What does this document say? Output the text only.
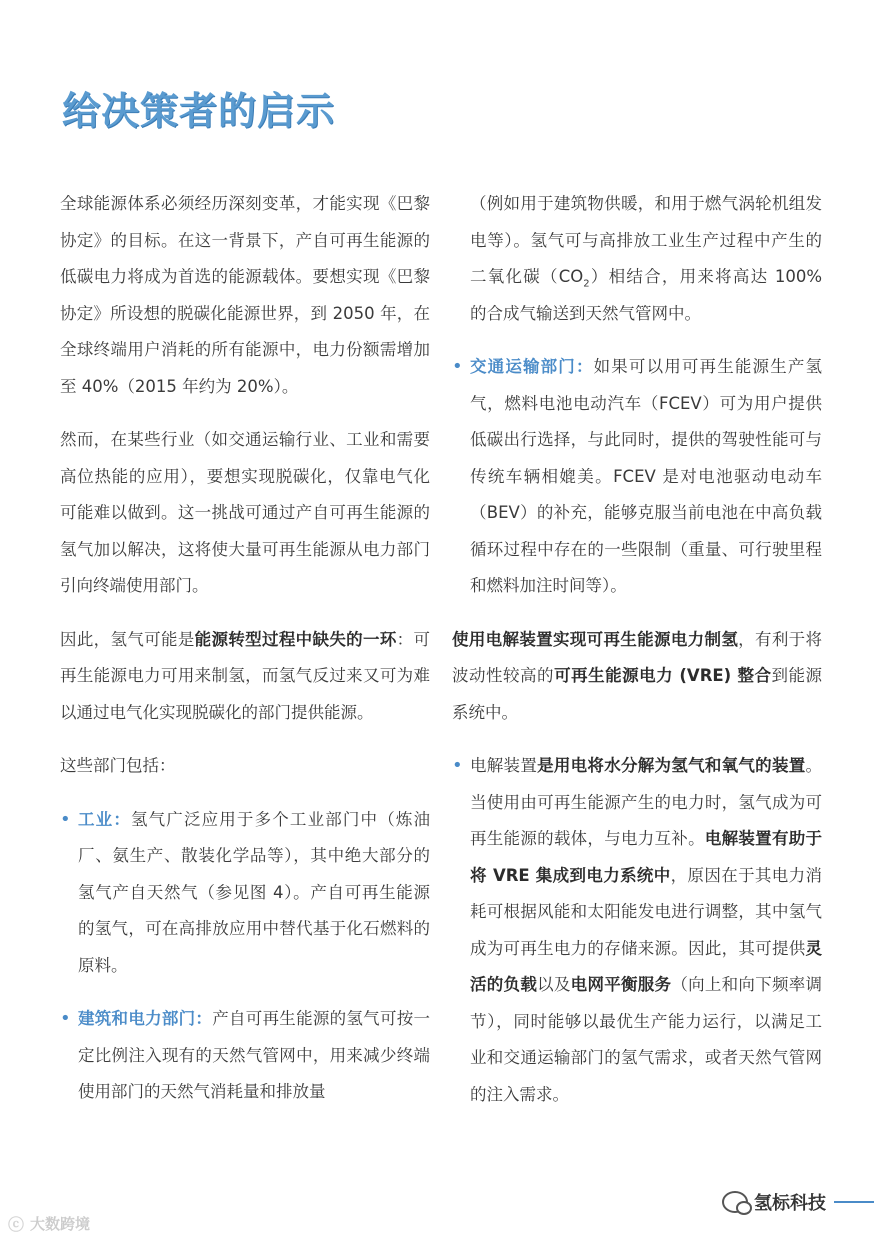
给决策者的启示

全球能源体系必须经历深刻变革，才能实现《巴黎协定》的目标。在这一背景下，产自可再生能源的低碳电力将成为首选的能源载体。要想实现《巴黎协定》所设想的脱碳化能源世界，到 2050 年，在全球终端用户消耗的所有能源中，电力份额需增加至 40%（2015 年约为 20%）。

然而，在某些行业（如交通运输行业、工业和需要高位热能的应用），要想实现脱碳化，仅靠电气化可能难以做到。这一挑战可通过产自可再生能源的氢气加以解决，这将使大量可再生能源从电力部门引向终端使用部门。

因此，氢气可能是能源转型过程中缺失的一环：可再生能源电力可用来制氢，而氢气反过来又可为难以通过电气化实现脱碳化的部门提供能源。

这些部门包括：

• 工业：氢气广泛应用于多个工业部门中（炼油厂、氨生产、散装化学品等），其中绝大部分的氢气产自天然气（参见图 4）。产自可再生能源的氢气，可在高排放应用中替代基于化石燃料的原料。
• 建筑和电力部门：产自可再生能源的氢气可按一定比例注入现有的天然气管网中，用来减少终端使用部门的天然气消耗量和排放量

（例如用于建筑物供暖，和用于燃气涡轮机组发电等）。氢气可与高排放工业生产过程中产生的二氧化碳$(CO_2)$相结合，用来将高达 100% 的合成气输送到天然气管网中。

• 交通运输部门：如果可以用可再生能源生产氢气，燃料电池电动汽车（FCEV）可为用户提供低碳出行选择，与此同时，提供的驾驶性能可与传统车辆相媲美。FCEV 是对电池驱动电动车（BEV）的补充，能够克服当前电池在中高负载循环过程中存在的一些限制（重量、可行驶里程和燃料加注时间等）。

使用电解装置实现可再生能源电力制氢，有利于将波动性较高的可再生能源电力 (VRE) 整合到能源系统中。

• 电解装置是用电将水分解为氢气和氧气的装置。当使用由可再生能源产生的电力时，氢气成为可再生能源的载体，与电力互补。电解装置有助于将 VRE 集成到电力系统中，原因在于其电力消耗可根据风能和太阳能发电进行调整，其中氢气成为可再生电力的存储来源。因此，其可提供灵活的负载以及电网平衡服务（向上和向下频率调节），同时能够以最优生产能力运行，以满足工业和交通运输部门的氢气需求，或者天然气管网的注入需求。
氢标科技
ⓒ 大数跨境
